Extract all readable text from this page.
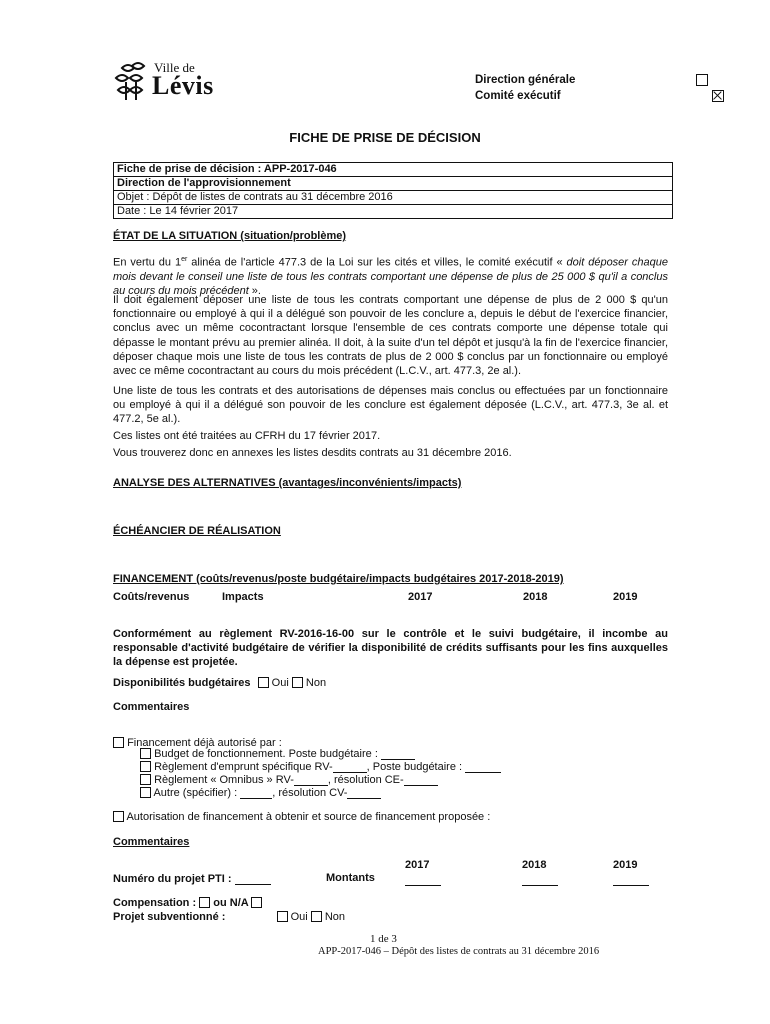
Ville de
Lévis	Direction générale
Comité exécutif

FICHE DE PRISE DE DÉCISION
Fiche de prise de décision : APP-2017-046
Direction de l'approvisionnement
Objet : Dépôt de listes de contrats au 31 décembre 2016
Date : Le 14 février 2017
ÉTAT DE LA SITUATION (situation/problème)
En vertu du 1er alinéa de l'article 477.3 de la Loi sur les cités et villes, le comité exécutif « doit déposer chaque mois devant le conseil une liste de tous les contrats comportant une dépense de plus de 25 000 $ qu'il a conclus au cours du mois précédent ».
Il doit également déposer une liste de tous les contrats comportant une dépense de plus de 2 000 $ qu'un fonctionnaire ou employé à qui il a délégué son pouvoir de les conclure a, depuis le début de l'exercice financier, conclus avec un même cocontractant lorsque l'ensemble de ces contrats comporte une dépense totale qui dépasse le montant prévu au premier alinéa. Il doit, à la suite d'un tel dépôt et jusqu'à la fin de l'exercice financier, déposer chaque mois une liste de tous les contrats de plus de 2 000 $ conclus par un fonctionnaire ou employé avec ce même cocontractant au cours du mois précédent (L.C.V., art. 477.3, 2e al.).
Une liste de tous les contrats et des autorisations de dépenses mais conclus ou effectuées par un fonctionnaire ou employé à qui il a délégué son pouvoir de les conclure est également déposée (L.C.V., art. 477.3, 3e al. et 477.2, 5e al.).
Ces listes ont été traitées au CFRH du 17 février 2017.
Vous trouverez donc en annexes les listes desdits contrats au 31 décembre 2016.
ANALYSE DES ALTERNATIVES (avantages/inconvénients/impacts)
ÉCHÉANCIER DE RÉALISATION
FINANCEMENT (coûts/revenus/poste budgétaire/impacts budgétaires 2017-2018-2019)
Coûts/revenus	Impacts	2017	2018	2019
Conformément au règlement RV-2016-16-00 sur le contrôle et le suivi budgétaire, il incombe au responsable d'activité budgétaire de vérifier la disponibilité de crédits suffisants pour les fins auxquelles la dépense est projetée.
Disponibilités budgétaires Oui Non
Commentaires
Financement déjà autorisé par :
Budget de fonctionnement. Poste budgétaire :
Règlement d'emprunt spécifique RV-	, Poste budgétaire :
Règlement « Omnibus » RV-	, résolution CE-
Autre (spécifier) :	, résolution CV-
Autorisation de financement à obtenir et source de financement proposée :
Commentaires
2017	2018	2019
Numéro du projet PTI :	Montants
Compensation : ou N/A
Projet subventionné :	Oui Non
1 de 3
APP-2017-046 – Dépôt des listes de contrats au 31 décembre 2016
